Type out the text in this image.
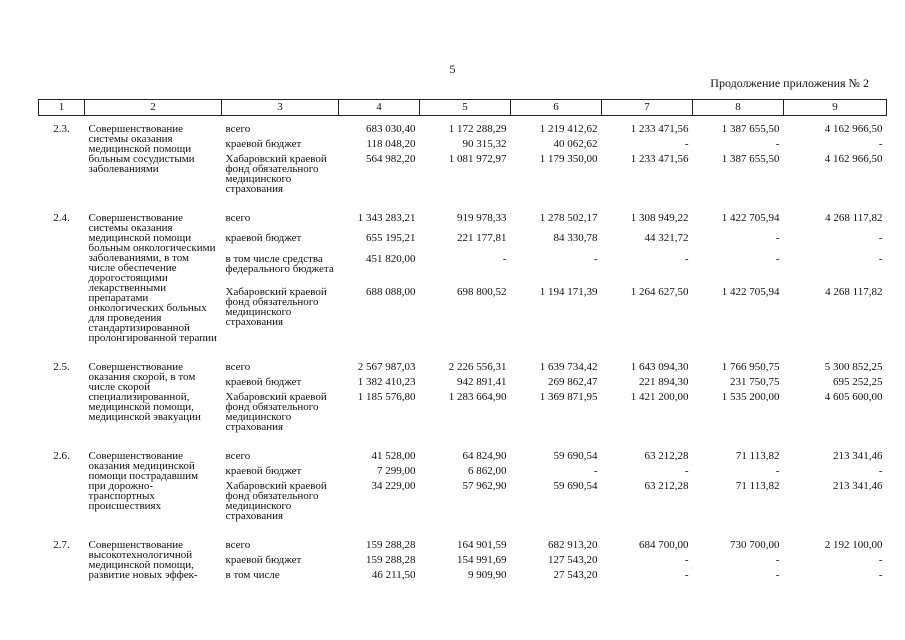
5
Продолжение приложения № 2
1	2	3	4	5	6	7	8	9

2.3.	Совершенствование системы оказания медицинской помощи больным сосудистыми заболеваниями	всего	683 030,40	1 172 288,29	1 219 412,62	1 233 471,56	1 387 655,50	4 162 966,50
		краевой бюджет	118 048,20	90 315,32	40 062,62	-	-	-
		Хабаровский краевой фонд обязательного медицинского страхования	564 982,20	1 081 972,97	1 179 350,00	1 233 471,56	1 387 655,50	4 162 966,50

2.4.	Совершенствование системы оказания медицинской помощи больным онкологическими заболеваниями, в том числе обеспечение дорогостоящими лекарственными препаратами онкологических больных для проведения стандартизированной пролонгированной терапии	всего	1 343 283,21	919 978,33	1 278 502,17	1 308 949,22	1 422 705,94	4 268 117,82
		краевой бюджет	655 195,21	221 177,81	84 330,78	44 321,72	-	-
		в том числе средства федерального бюджета	451 820,00	-	-	-	-	-
		Хабаровский краевой фонд обязательного медицинского страхования	688 088,00	698 800,52	1 194 171,39	1 264 627,50	1 422 705,94	4 268 117,82

2.5.	Совершенствование оказания скорой, в том числе скорой специализированной, медицинской помощи, медицинской эвакуации	всего	2 567 987,03	2 226 556,31	1 639 734,42	1 643 094,30	1 766 950,75	5 300 852,25
		краевой бюджет	1 382 410,23	942 891,41	269 862,47	221 894,30	231 750,75	695 252,25
		Хабаровский краевой фонд обязательного медицинского страхования	1 185 576,80	1 283 664,90	1 369 871,95	1 421 200,00	1 535 200,00	4 605 600,00

2.6.	Совершенствование оказания медицинской помощи пострадавшим при дорожно-транспортных происшествиях	всего	41 528,00	64 824,90	59 690,54	63 212,28	71 113,82	213 341,46
		краевой бюджет	7 299,00	6 862,00	-	-	-	-
		Хабаровский краевой фонд обязательного медицинского страхования	34 229,00	57 962,90	59 690,54	63 212,28	71 113,82	213 341,46

2.7.	Совершенствование высокотехнологичной медицинской помощи, развитие новых эффек-	всего	159 288,28	164 901,59	682 913,20	684 700,00	730 700,00	2 192 100,00
		краевой бюджет	159 288,28	154 991,69	127 543,20	-	-	-
		в том числе	46 211,50	9 909,90	27 543,20	-	-	-
